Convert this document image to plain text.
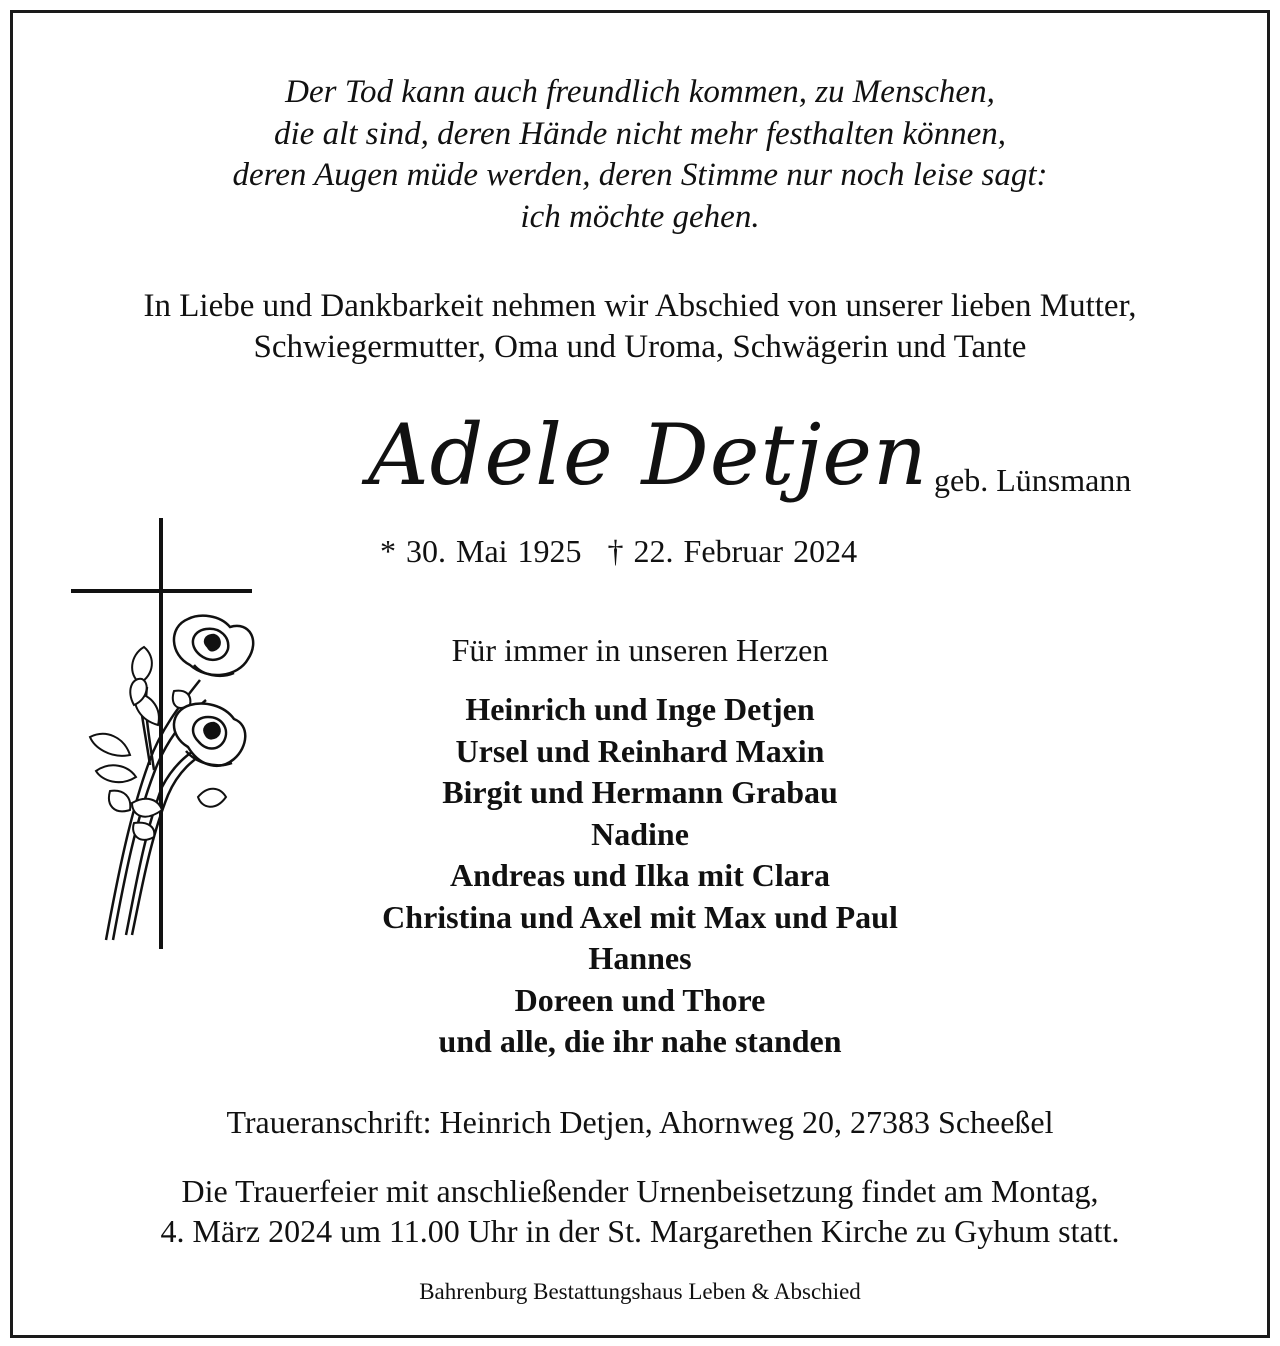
Der Tod kann auch freundlich kommen, zu Menschen,
die alt sind, deren Hände nicht mehr festhalten können,
deren Augen müde werden, deren Stimme nur noch leise sagt:
ich möchte gehen.
In Liebe und Dankbarkeit nehmen wir Abschied von unserer lieben Mutter,
Schwiegermutter, Oma und Uroma, Schwägerin und Tante
Adele Detjen geb. Lünsmann
* 30. Mai 1925 † 22. Februar 2024
Für immer in unseren Herzen
Heinrich und Inge Detjen
Ursel und Reinhard Maxin
Birgit und Hermann Grabau
Nadine
Andreas und Ilka mit Clara
Christina und Axel mit Max und Paul
Hannes
Doreen und Thore
und alle, die ihr nahe standen
Traueranschrift: Heinrich Detjen, Ahornweg 20, 27383 Scheeßel
Die Trauerfeier mit anschließender Urnenbeisetzung findet am Montag,
4. März 2024 um 11.00 Uhr in der St. Margarethen Kirche zu Gyhum statt.
Bahrenburg Bestattungshaus Leben & Abschied
